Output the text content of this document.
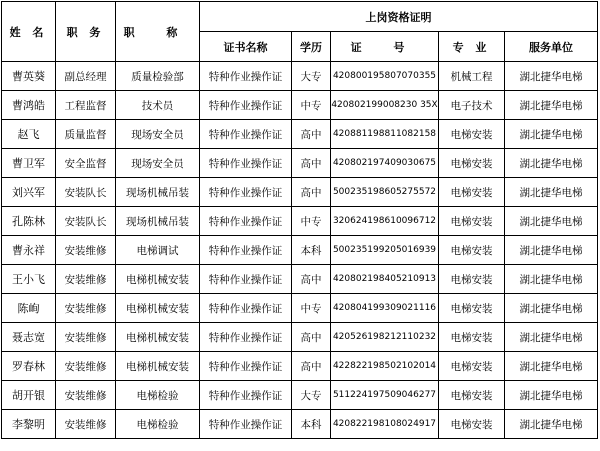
姓 名	职 务	职 称	上岗资格证明				
			证书名称	学历	证 号	专 业	服务单位
曹英葵	副总经理	质量检验部	特种作业操作证	大专	420800195807070355	机械工程	湖北捷华电梯
曹鸿皓	工程监督	技术员	特种作业操作证	中专	420802199008230 35X	电子技术	湖北捷华电梯
赵飞	质量监督	现场安全员	特种作业操作证	高中	420881198811082158	电梯安装	湖北捷华电梯
曹卫军	安全监督	现场安全员	特种作业操作证	高中	420802197409030675	电梯安装	湖北捷华电梯
刘兴军	安装队长	现场机械吊装	特种作业操作证	高中	500235198605275572	电梯安装	湖北捷华电梯
孔陈林	安装队长	现场机械吊装	特种作业操作证	中专	320624198610096712	电梯安装	湖北捷华电梯
曹永祥	安装维修	电梯调试	特种作业操作证	本科	500235199205016939	电梯安装	湖北捷华电梯
王小飞	安装维修	电梯机械安装	特种作业操作证	高中	420802198405210913	电梯安装	湖北捷华电梯
陈峋	安装维修	电梯机械安装	特种作业操作证	中专	420804199309021116	电梯安装	湖北捷华电梯
聂志宽	安装维修	电梯机械安装	特种作业操作证	高中	420526198212110232	电梯安装	湖北捷华电梯
罗春林	安装维修	电梯机械安装	特种作业操作证	高中	422822198502102014	电梯安装	湖北捷华电梯
胡开银	安装维修	电梯检验	特种作业操作证	大专	511224197509046277	电梯安装	湖北捷华电梯
李黎明	安装维修	电梯检验	特种作业操作证	本科	420822198108024917	电梯安装	湖北捷华电梯
